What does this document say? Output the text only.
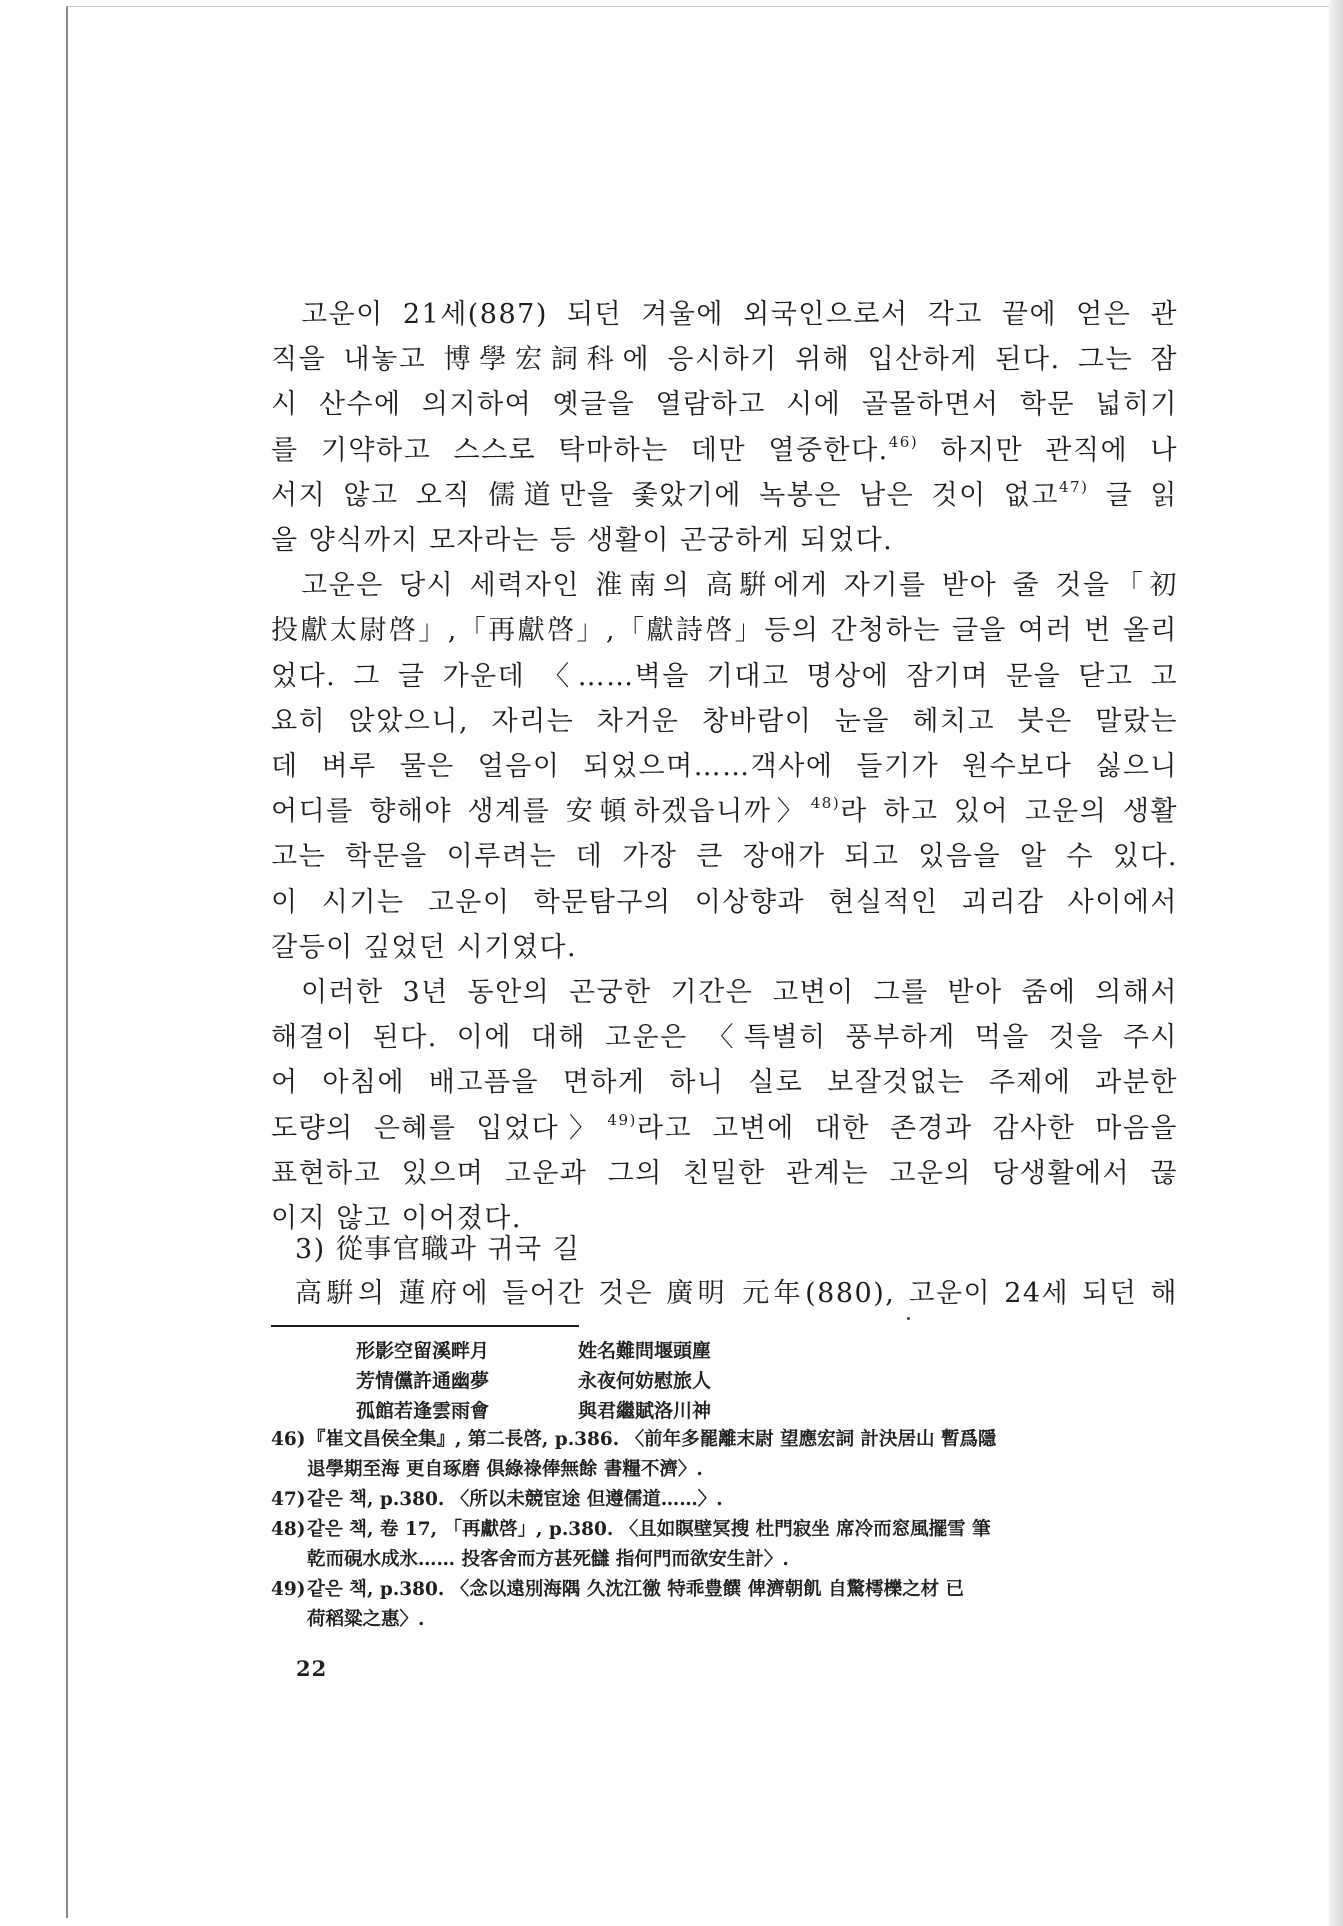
고운이 21세(887) 되던 겨울에 외국인으로서 각고 끝에 얻은 관
직을 내놓고 博學宏詞科에 응시하기 위해 입산하게 된다. 그는 잠
시 산수에 의지하여 옛글을 열람하고 시에 골몰하면서 학문 넓히기
를 기약하고 스스로 탁마하는 데만 열중한다.$^{46)}$ 하지만 관직에 나
서지 않고 오직 儒道만을 좇았기에 녹봉은 남은 것이 없고$^{47)}$ 글 읽
을 양식까지 모자라는 등 생활이 곤궁하게 되었다.

고운은 당시 세력자인 淮南의 高騈에게 자기를 받아 줄 것을「初
投獻太尉啓」,「再獻啓」,「獻詩啓」등의 간청하는 글을 여러 번 올리
었다. 그 글 가운데 〈……벽을 기대고 명상에 잠기며 문을 닫고 고
요히 앉았으니, 자리는 차거운 창바람이 눈을 헤치고 붓은 말랐는
데 벼루 물은 얼음이 되었으며……객사에 들기가 원수보다 싫으니
어디를 향해야 생계를 安頓하겠읍니까〉$^{48)}$라 하고 있어 고운의 생활
고는 학문을 이루려는 데 가장 큰 장애가 되고 있음을 알 수 있다.
이 시기는 고운이 학문탐구의 이상향과 현실적인 괴리감 사이에서
갈등이 깊었던 시기였다.

이러한 3년 동안의 곤궁한 기간은 고변이 그를 받아 줌에 의해서
해결이 된다. 이에 대해 고운은 〈특별히 풍부하게 먹을 것을 주시
어 아침에 배고픔을 면하게 하니 실로 보잘것없는 주제에 과분한
도량의 은혜를 입었다〉$^{49)}$라고 고변에 대한 존경과 감사한 마음을
표현하고 있으며 고운과 그의 친밀한 관계는 고운의 당생활에서 끊
이지 않고 이어졌다.

3) 從事官職과 귀국 길
高騈의 蓮府에 들어간 것은 廣明 元年(880), 고운이 24세 되던 해
形影空留溪畔月	姓名難問堰頭塵
芳情儻許通幽夢	永夜何妨慰旅人
孤館若逢雲雨會	與君繼賦洛川神
46) 『崔文昌侯全集』, 第二長啓, p.386. 〈前年多罷離末尉 望應宏詞 計決居山 暫爲隱
退學期至海 更自琢磨 俱綠祿俸無餘 書糧不濟〉.
47) 같은 책, p.380. 〈所以未競宦途 但遵儒道……〉.
48) 같은 책, 卷 17, 「再獻啓」, p.380. 〈且如瞑壁冥搜 杜門寂坐 席冷而窓風擺雪 筆
乾而硯水成氷…… 投客舍而方甚死讎 指何門而欲安生計〉.
49) 같은 책, p.380. 〈念以遠別海隅 久沈江徼 特乖豊饌 俾濟朝飢 自驚樗櫟之材 已
荷稻粱之惠〉.
22
